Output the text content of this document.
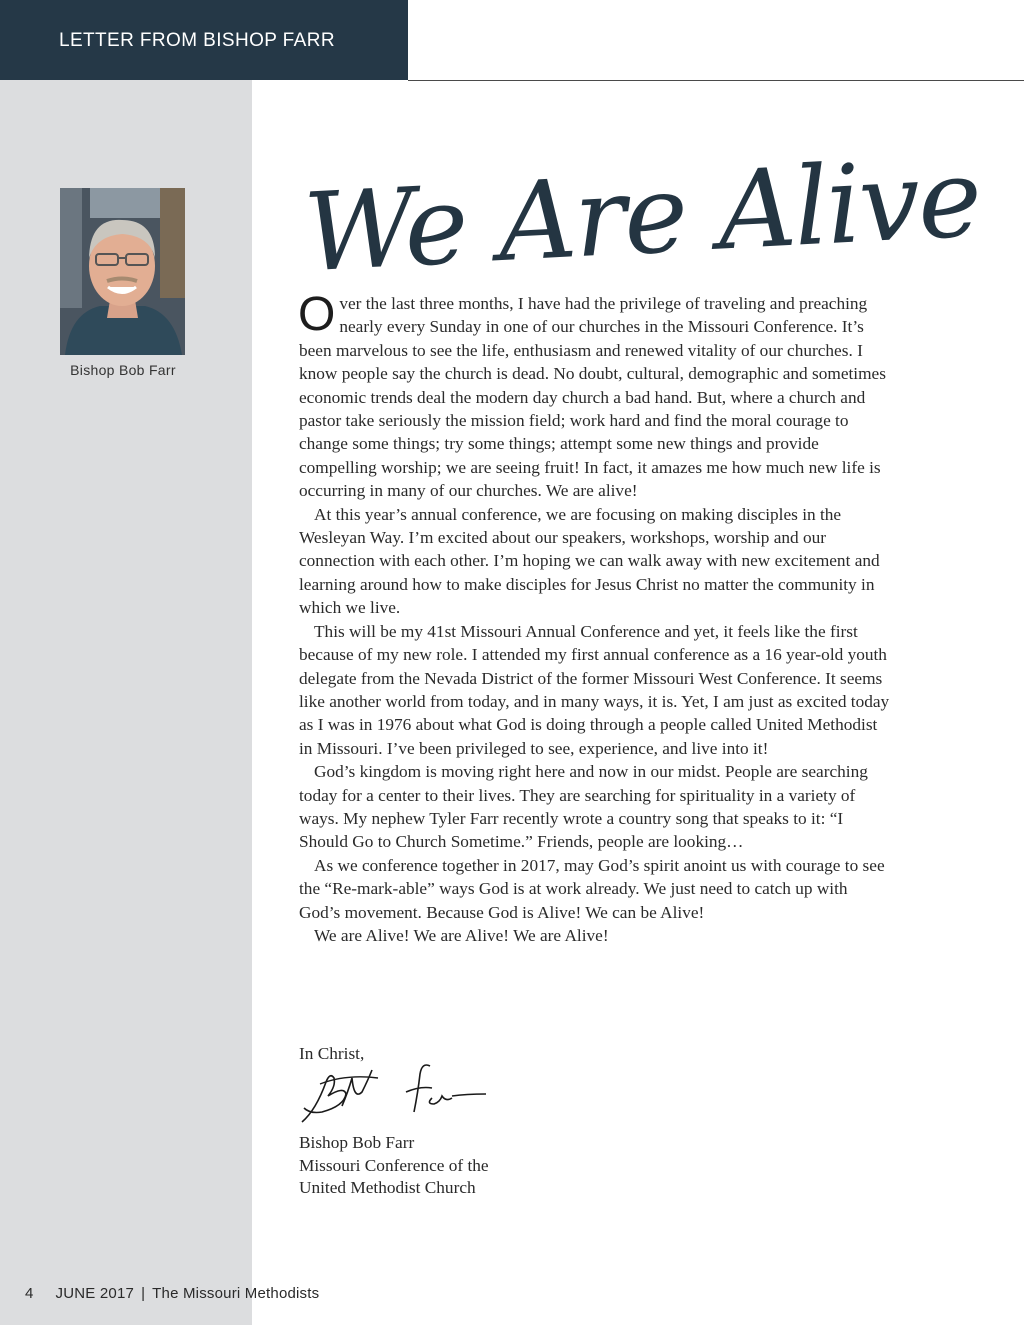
LETTER FROM BISHOP FARR
Bishop Bob Farr
We Are Alive

Over the last three months, I have had the privilege of traveling and preaching nearly every Sunday in one of our churches in the Missouri Conference. It’s been marvelous to see the life, enthusiasm and renewed vitality of our churches. I know people say the church is dead. No doubt, cultural, demographic and sometimes economic trends deal the modern day church a bad hand. But, where a church and pastor take seriously the mission field; work hard and find the moral courage to change some things; try some things; attempt some new things and provide compelling worship; we are seeing fruit! In fact, it amazes me how much new life is occurring in many of our churches. We are alive!

At this year’s annual conference, we are focusing on making disciples in the Wesleyan Way. I’m excited about our speakers, workshops, worship and our connection with each other. I’m hoping we can walk away with new excitement and learning around how to make disciples for Jesus Christ no matter the community in which we live.

This will be my 41st Missouri Annual Conference and yet, it feels like the first because of my new role. I attended my first annual conference as a 16 year-old youth delegate from the Nevada District of the former Missouri West Conference. It seems like another world from today, and in many ways, it is. Yet, I am just as excited today as I was in 1976 about what God is doing through a people called United Methodist in Missouri. I’ve been privileged to see, experience, and live into it!

God’s kingdom is moving right here and now in our midst. People are searching today for a center to their lives. They are searching for spirituality in a variety of ways. My nephew Tyler Farr recently wrote a country song that speaks to it: “I Should Go to Church Sometime.” Friends, people are looking…

As we conference together in 2017, may God’s spirit anoint us with courage to see the “Re-mark-able” ways God is at work already. We just need to catch up with God’s movement. Because God is Alive! We can be Alive!

We are Alive! We are Alive! We are Alive!

In Christ,
Bishop Bob Farr
Missouri Conference of the
United Methodist Church
4 JUNE 2017 | The Missouri Methodists
